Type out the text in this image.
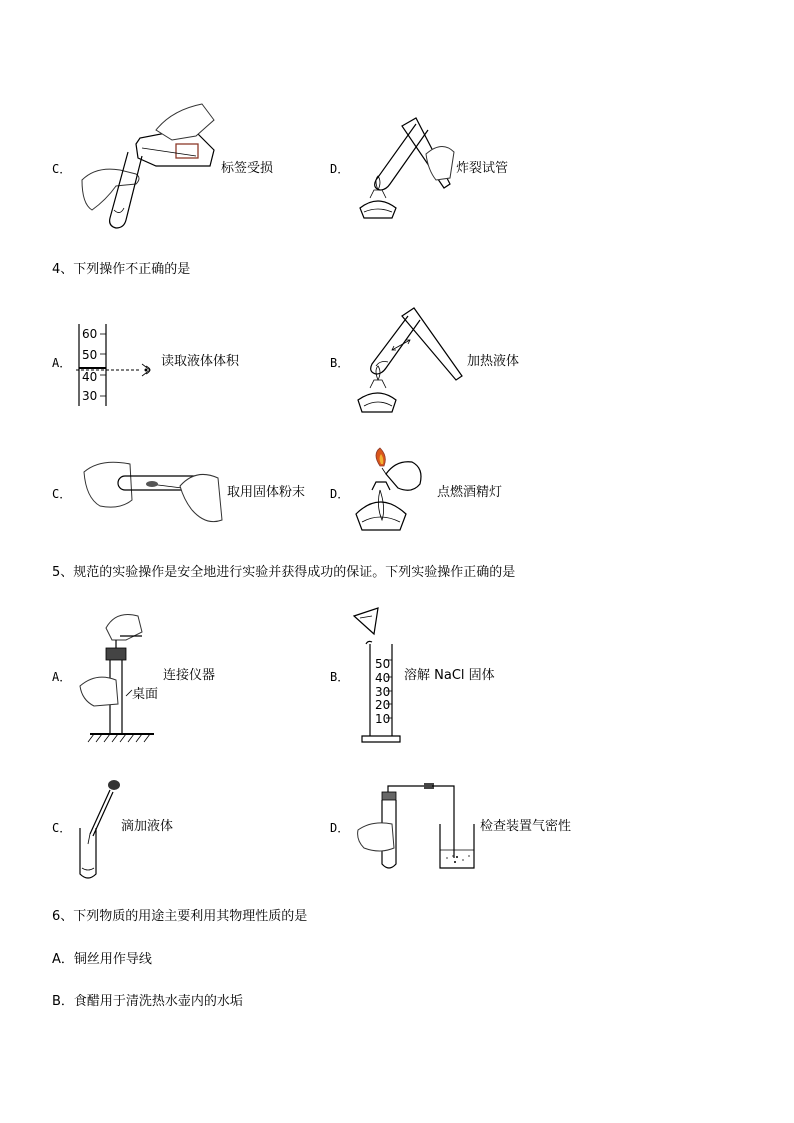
C．	标签受损	D．	炸裂试管
4、下列操作不正确的是
A．
60
50
40
30
读取液体体积	B．	加热液体
C．	取用固体粉末 D．	点燃酒精灯
5、规范的实验操作是安全地进行实验并获得成功的保证。下列实验操作正确的是
A．
桌面
连接仪器	B．
50
40
30
20
10
溶解 NaCl 固体
C．	滴加液体	D．	检查装置气密性
6、下列物质的用途主要利用其物理性质的是
A．铜丝用作导线
B．食醋用于清洗热水壶内的水垢
